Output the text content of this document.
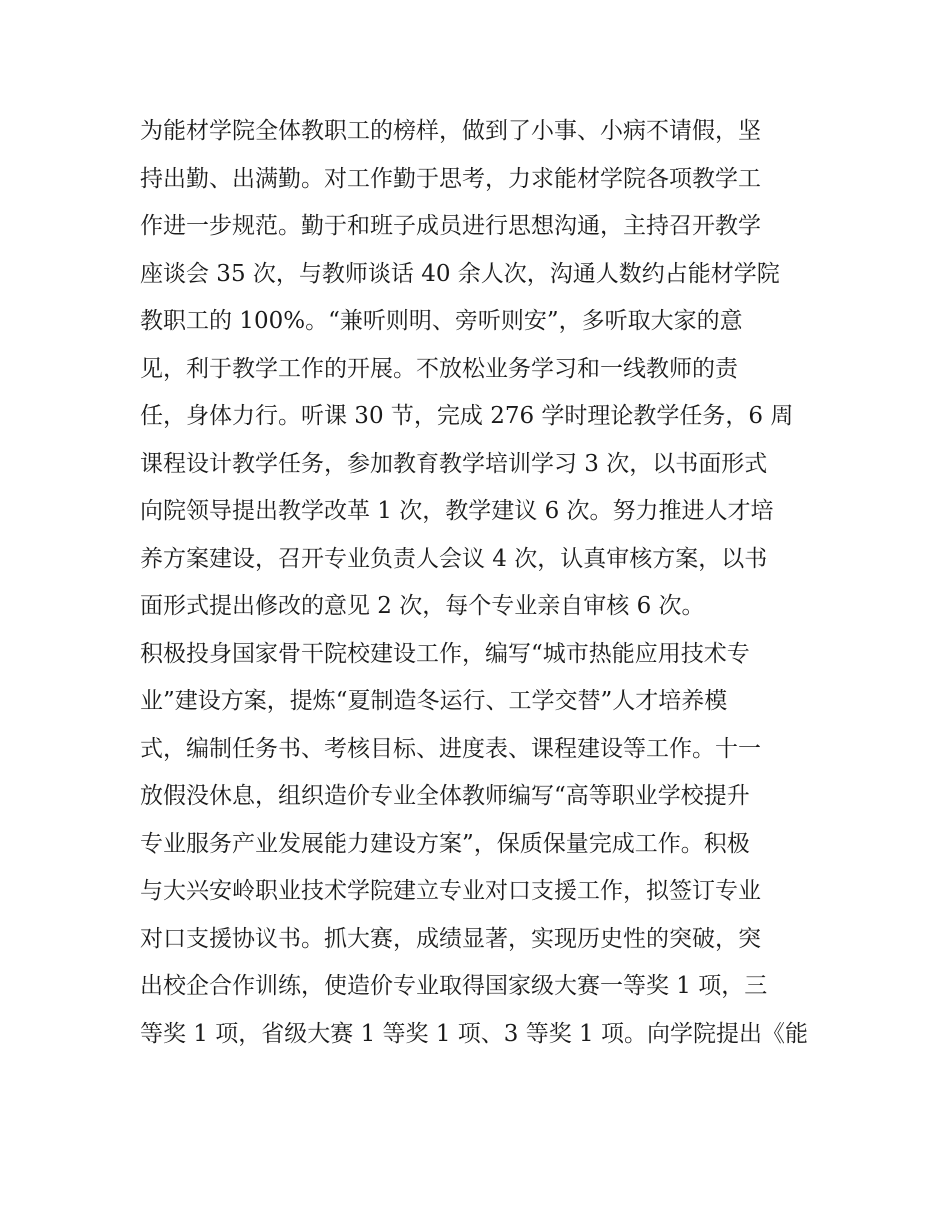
为能材学院全体教职工的榜样，做到了小事、小病不请假，坚
持出勤、出满勤。对工作勤于思考，力求能材学院各项教学工
作进一步规范。勤于和班子成员进行思想沟通，主持召开教学
座谈会 35 次，与教师谈话 40 余人次，沟通人数约占能材学院
教职工的 100%。“兼听则明、旁听则安”，多听取大家的意
见，利于教学工作的开展。不放松业务学习和一线教师的责
任，身体力行。听课 30 节，完成 276 学时理论教学任务，6 周
课程设计教学任务，参加教育教学培训学习 3 次，以书面形式
向院领导提出教学改革 1 次，教学建议 6 次。努力推进人才培
养方案建设，召开专业负责人会议 4 次，认真审核方案，以书
面形式提出修改的意见 2 次，每个专业亲自审核 6 次。
积极投身国家骨干院校建设工作，编写“城市热能应用技术专
业”建设方案，提炼“夏制造冬运行、工学交替”人才培养模
式，编制任务书、考核目标、进度表、课程建设等工作。十一
放假没休息，组织造价专业全体教师编写“高等职业学校提升
专业服务产业发展能力建设方案”，保质保量完成工作。积极
与大兴安岭职业技术学院建立专业对口支援工作，拟签订专业
对口支援协议书。抓大赛，成绩显著，实现历史性的突破，突
出校企合作训练，使造价专业取得国家级大赛一等奖 1 项，三
等奖 1 项，省级大赛 1 等奖 1 项、3 等奖 1 项。向学院提出《能
